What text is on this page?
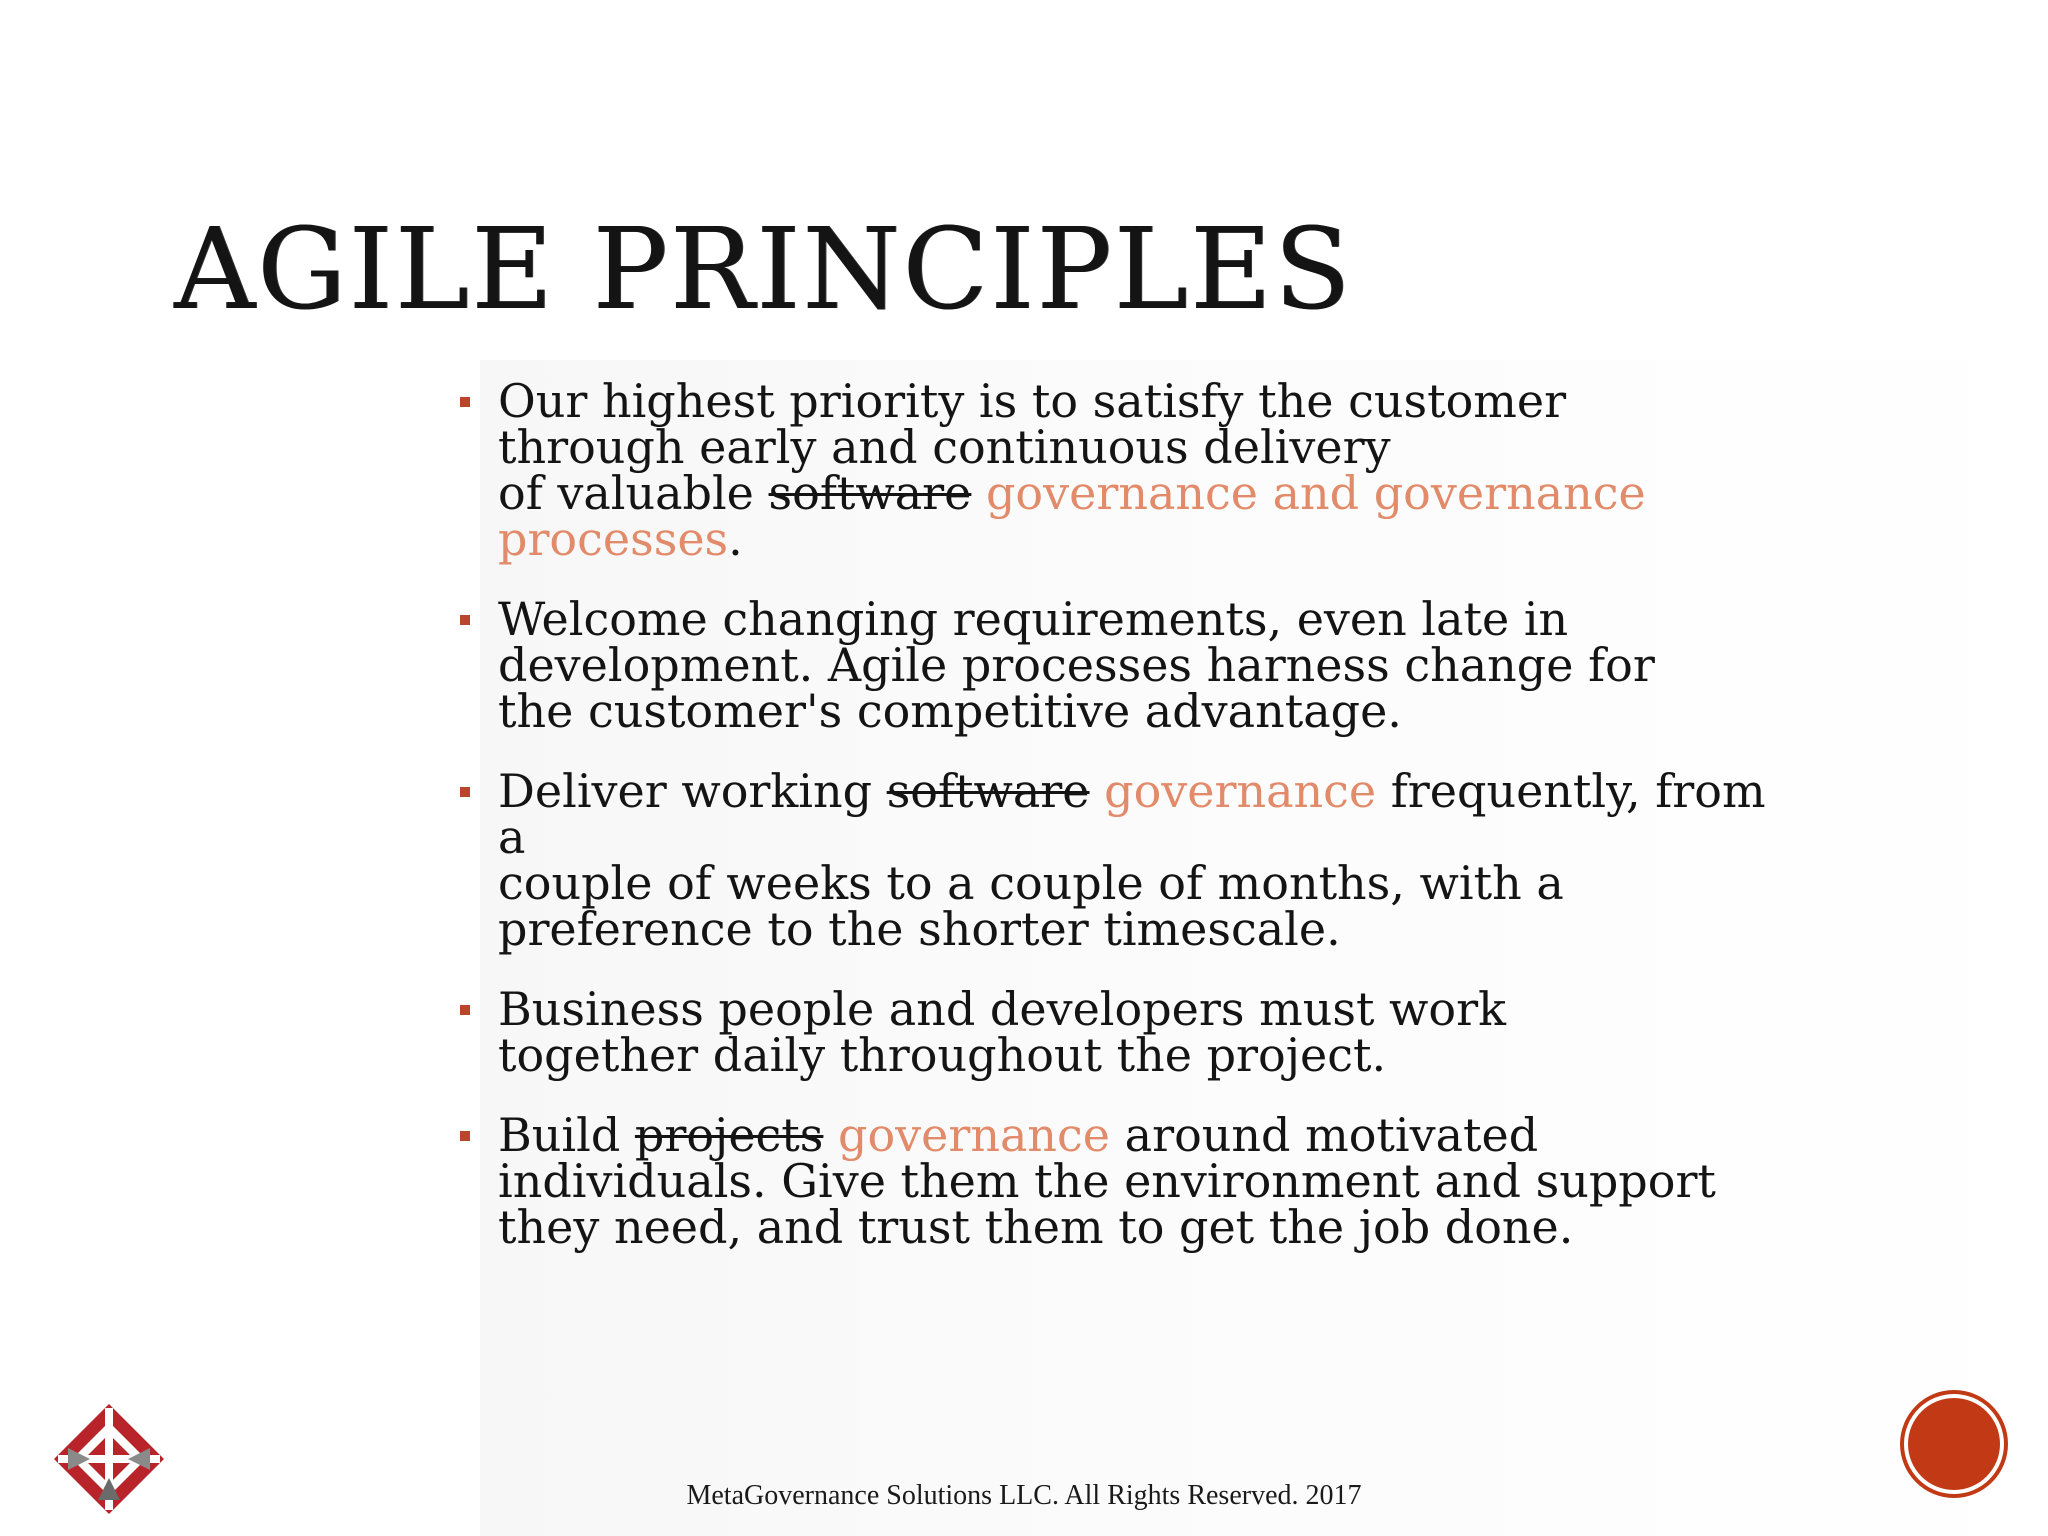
AGILE PRINCIPLES
Our highest priority is to satisfy the customer
through early and continuous delivery
of valuable software governance and governance
processes.
Welcome changing requirements, even late in
development. Agile processes harness change for
the customer's competitive advantage.
Deliver working software governance frequently, from
a
couple of weeks to a couple of months, with a
preference to the shorter timescale.
Business people and developers must work
together daily throughout the project.
Build projects governance around motivated
individuals. Give them the environment and support
they need, and trust them to get the job done.
MetaGovernance Solutions LLC. All Rights Reserved. 2017
